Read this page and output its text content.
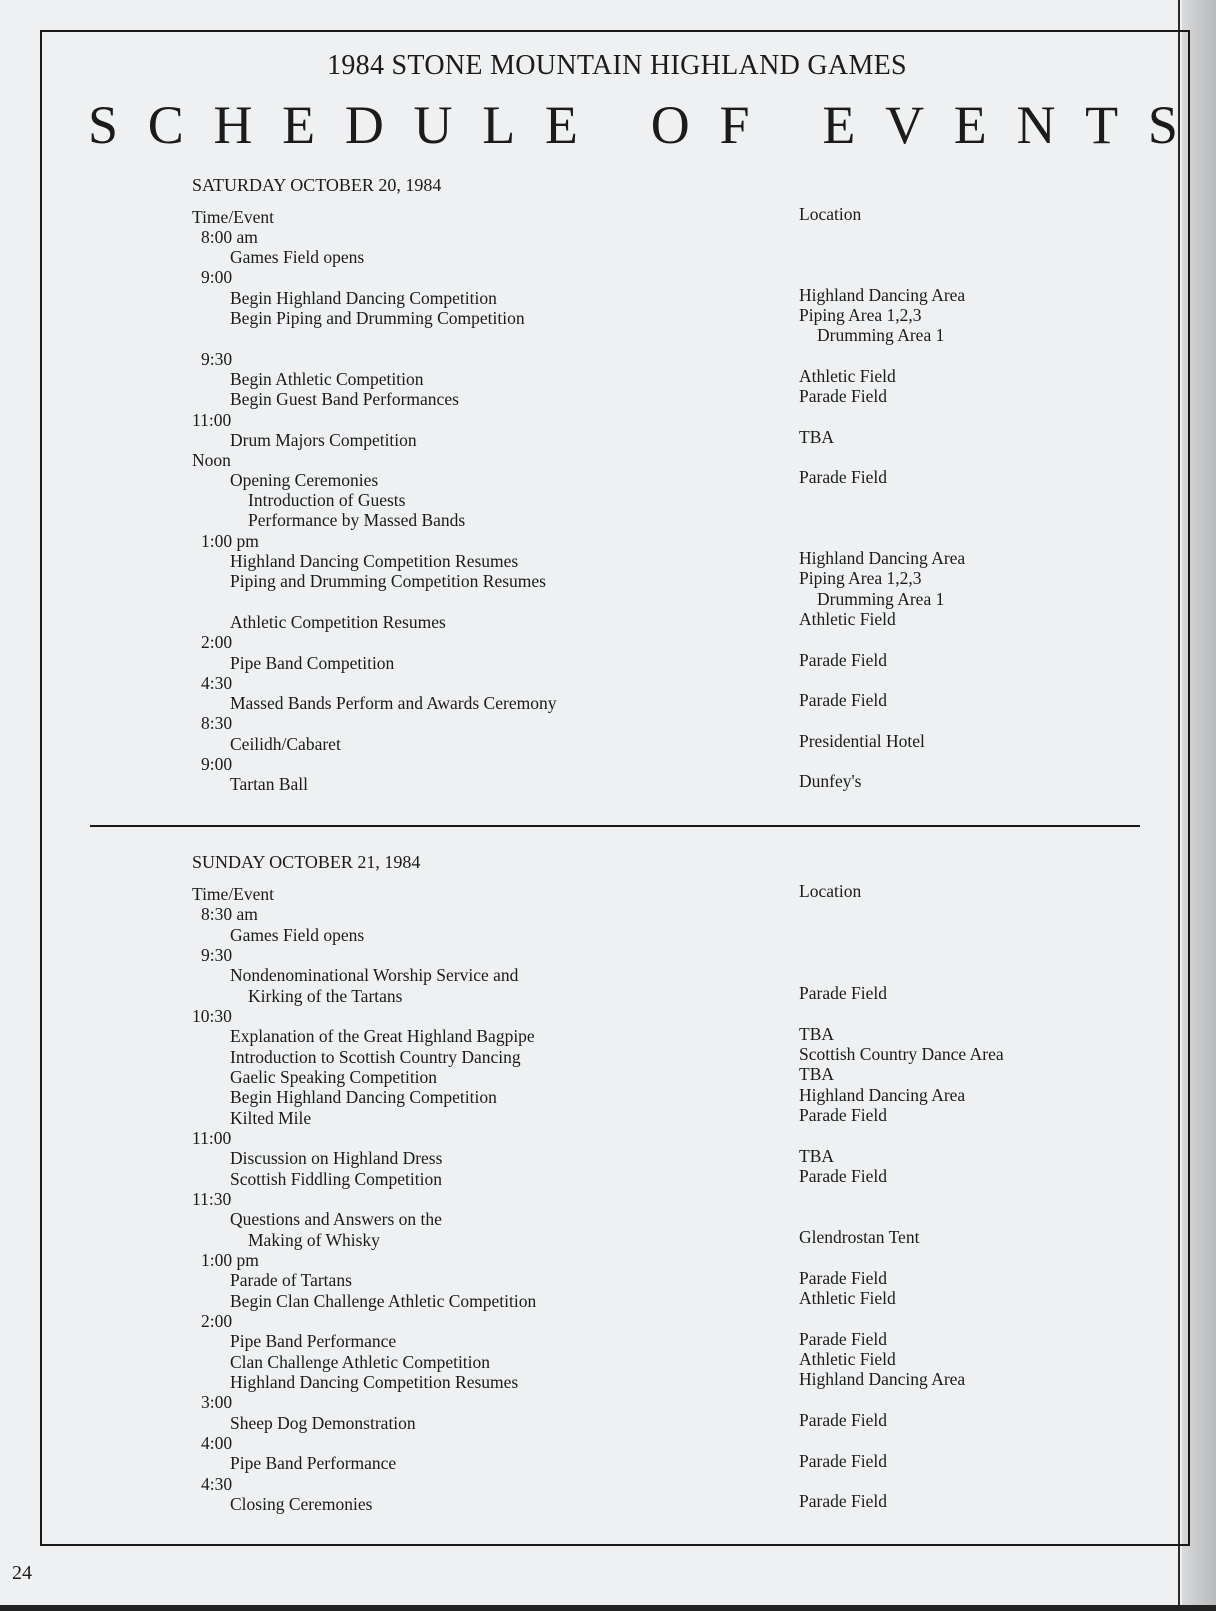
1984 STONE MOUNTAIN HIGHLAND GAMES
S C H E D U L E
O F
E V E N T S
SATURDAY OCTOBER 20, 1984
Time/Event	Location
8:00 am
Games Field opens
9:00
Begin Highland Dancing Competition
Begin Piping and Drumming Competition
9:30
Begin Athletic Competition
Begin Guest Band Performances
11:00
Drum Majors Competition
Noon
Opening Ceremonies
Introduction of Guests
Performance by Massed Bands
1:00 pm
Highland Dancing Competition Resumes
Piping and Drumming Competition Resumes
Athletic Competition Resumes
2:00
Pipe Band Competition
4:30
Massed Bands Perform and Awards Ceremony
8:30
Ceilidh/Cabaret
9:00
Tartan Ball
Highland Dancing Area
Piping Area 1,2,3
Drumming Area 1
Athletic Field
Parade Field
TBA
Parade Field
Highland Dancing Area
Piping Area 1,2,3
Drumming Area 1
Athletic Field
Parade Field
Parade Field
Presidential Hotel
Dunfey's
SUNDAY OCTOBER 21, 1984
Time/Event	Location
8:30 am
Games Field opens
9:30
Nondenominational Worship Service and
Kirking of the Tartans
10:30
Explanation of the Great Highland Bagpipe
Introduction to Scottish Country Dancing
Gaelic Speaking Competition
Begin Highland Dancing Competition
Kilted Mile
11:00
Discussion on Highland Dress
Scottish Fiddling Competition
11:30
Questions and Answers on the
Making of Whisky
1:00 pm
Parade of Tartans
Begin Clan Challenge Athletic Competition
2:00
Pipe Band Performance
Clan Challenge Athletic Competition
Highland Dancing Competition Resumes
3:00
Sheep Dog Demonstration
4:00
Pipe Band Performance
4:30
Closing Ceremonies
Parade Field
TBA
Scottish Country Dance Area
TBA
Highland Dancing Area
Parade Field
TBA
Parade Field
Glendrostan Tent
Parade Field
Athletic Field
Parade Field
Athletic Field
Highland Dancing Area
Parade Field
Parade Field
Parade Field
24
